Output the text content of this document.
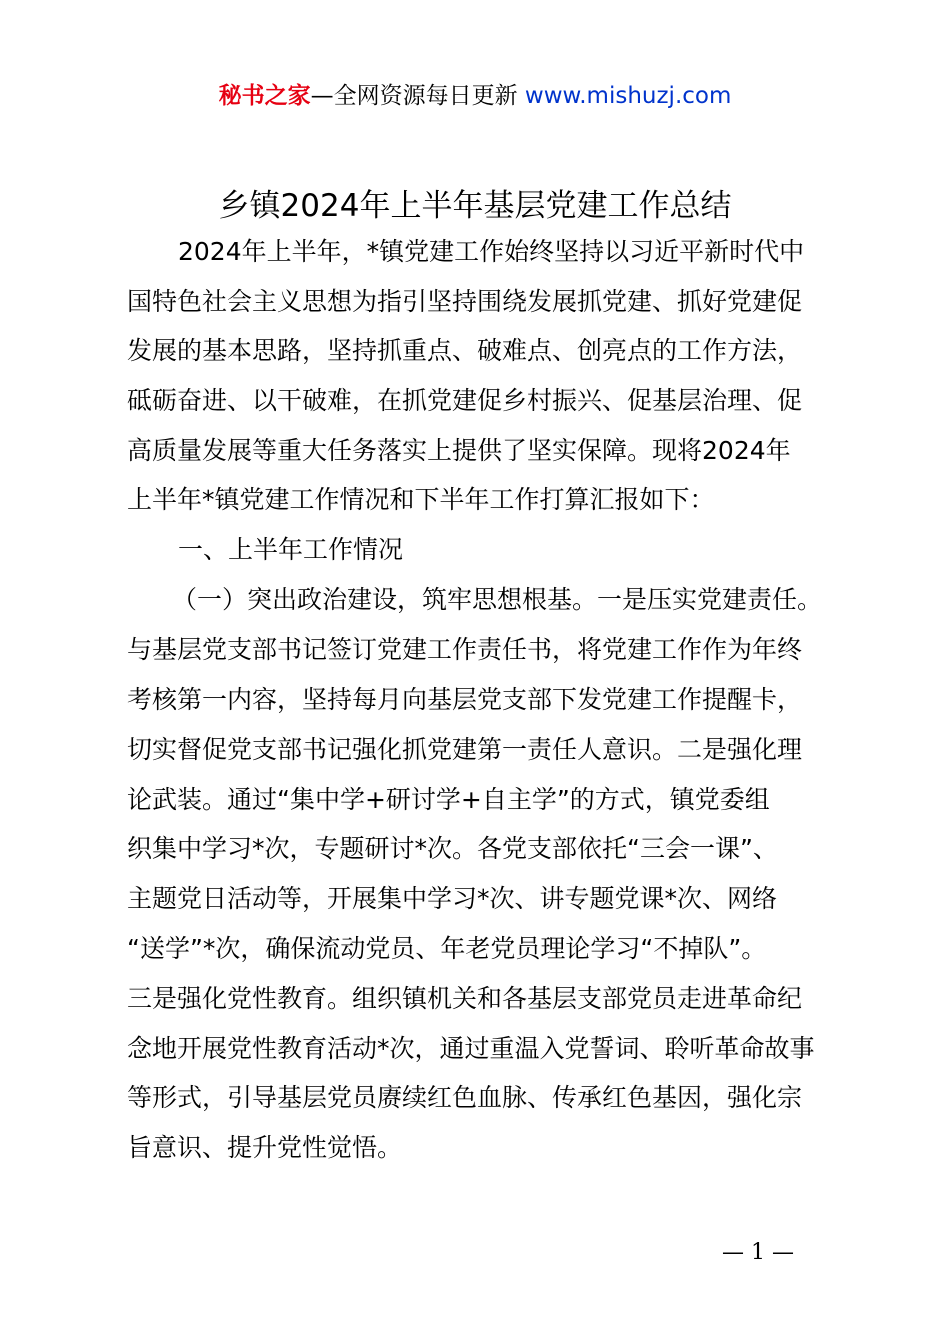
秘书之家—全网资源每日更新 www.mishuzj.com
乡镇2024年上半年基层党建工作总结
2024年上半年，*镇党建工作始终坚持以习近平新时代中
国特色社会主义思想为指引坚持围绕发展抓党建、抓好党建促
发展的基本思路，坚持抓重点、破难点、创亮点的工作方法，
砥砺奋进、以干破难，在抓党建促乡村振兴、促基层治理、促
高质量发展等重大任务落实上提供了坚实保障。现将2024年
上半年*镇党建工作情况和下半年工作打算汇报如下：
一、上半年工作情况
（一）突出政治建设，筑牢思想根基。一是压实党建责任。
与基层党支部书记签订党建工作责任书，将党建工作作为年终
考核第一内容，坚持每月向基层党支部下发党建工作提醒卡，
切实督促党支部书记强化抓党建第一责任人意识。二是强化理
论武装。通过“集中学+研讨学+自主学”的方式，镇党委组
织集中学习*次，专题研讨*次。各党支部依托“三会一课”、
主题党日活动等，开展集中学习*次、讲专题党课*次、网络
“送学”*次，确保流动党员、年老党员理论学习“不掉队”。
三是强化党性教育。组织镇机关和各基层支部党员走进革命纪
念地开展党性教育活动*次，通过重温入党誓词、聆听革命故事
等形式，引导基层党员赓续红色血脉、传承红色基因，强化宗
旨意识、提升党性觉悟。
— 1 —
